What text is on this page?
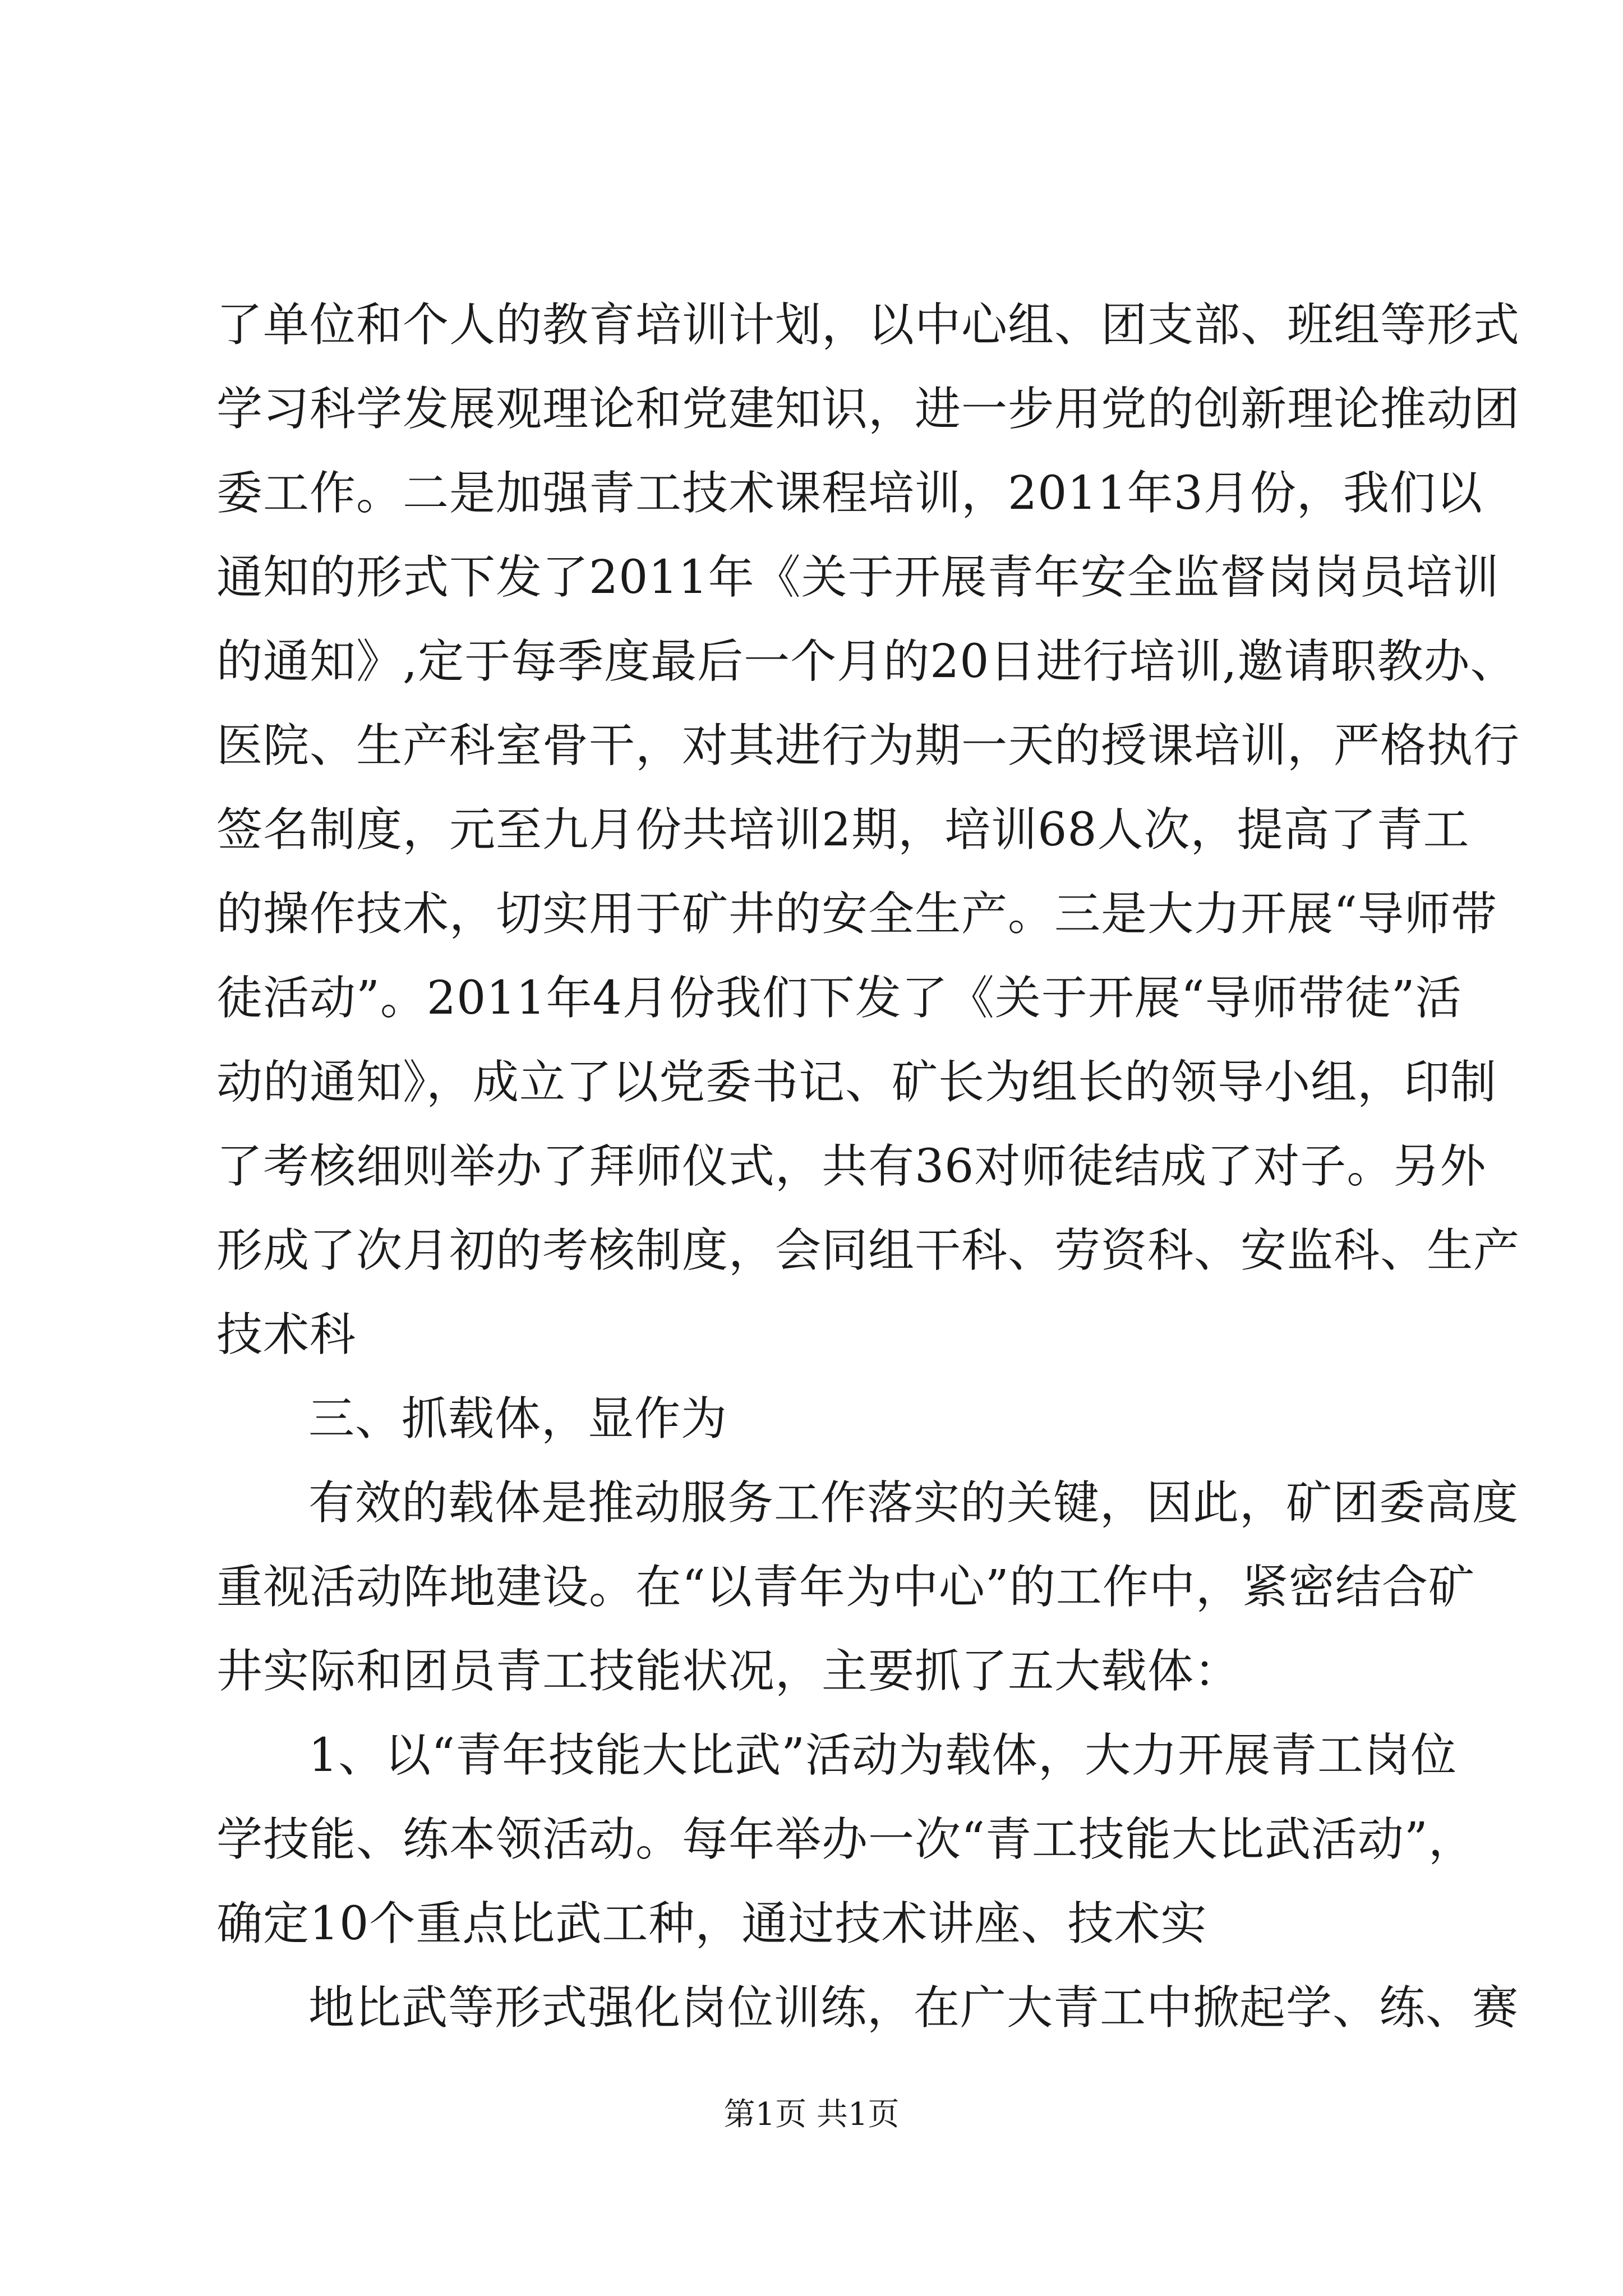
了单位和个人的教育培训计划，以中心组、团支部、班组等形式
学习科学发展观理论和党建知识，进一步用党的创新理论推动团
委工作。二是加强青工技术课程培训，2011年3月份，我们以
通知的形式下发了2011年《关于开展青年安全监督岗岗员培训
的通知》,定于每季度最后一个月的20日进行培训,邀请职教办、
医院、生产科室骨干，对其进行为期一天的授课培训，严格执行
签名制度，元至九月份共培训2期，培训68人次，提高了青工
的操作技术，切实用于矿井的安全生产。三是大力开展“导师带
徒活动”。2011年4月份我们下发了《关于开展“导师带徒”活
动的通知》，成立了以党委书记、矿长为组长的领导小组，印制
了考核细则举办了拜师仪式，共有36对师徒结成了对子。另外
形成了次月初的考核制度，会同组干科、劳资科、安监科、生产
技术科
三、抓载体，显作为
有效的载体是推动服务工作落实的关键，因此，矿团委高度
重视活动阵地建设。在“以青年为中心”的工作中，紧密结合矿
井实际和团员青工技能状况，主要抓了五大载体：
1、以“青年技能大比武”活动为载体，大力开展青工岗位
学技能、练本领活动。每年举办一次“青工技能大比武活动”，
确定10个重点比武工种，通过技术讲座、技术实
地比武等形式强化岗位训练，在广大青工中掀起学、练、赛
第1页 共1页
